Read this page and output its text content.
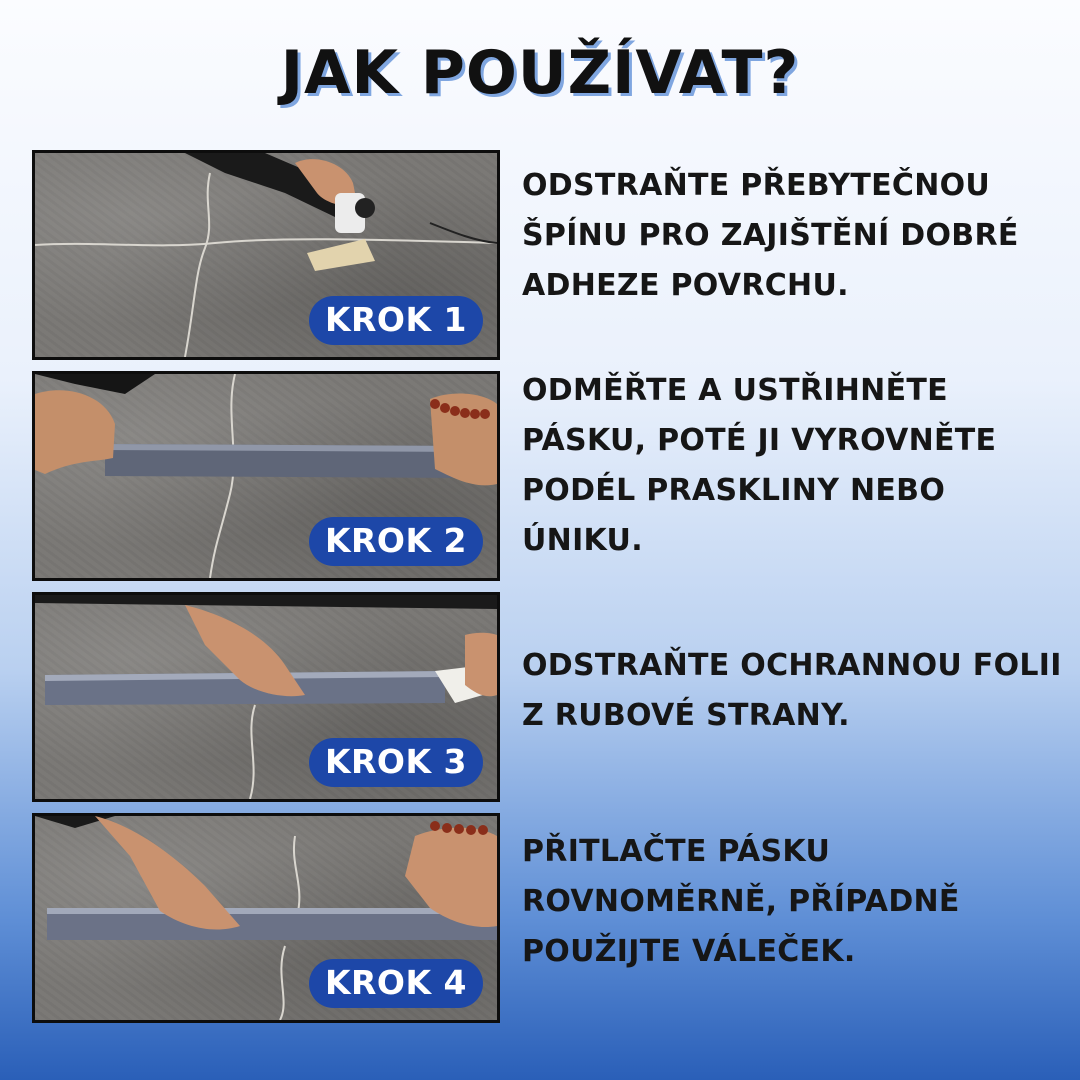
JAK POUŽÍVAT?
KROK 1
ODSTRAŇTE PŘEBYTEČNOU ŠPÍNU PRO ZAJIŠTĚNÍ DOBRÉ ADHEZE POVRCHU.
KROK 2
ODMĚŘTE A USTŘIHNĚTE PÁSKU, POTÉ JI VYROVNĚTE PODÉL PRASKLINY NEBO ÚNIKU.
KROK 3
ODSTRAŇTE OCHRANNOU FOLII Z RUBOVÉ STRANY.
KROK 4
PŘITLAČTE PÁSKU ROVNOMĚRNĚ, PŘÍPADNĚ POUŽIJTE VÁLEČEK.
